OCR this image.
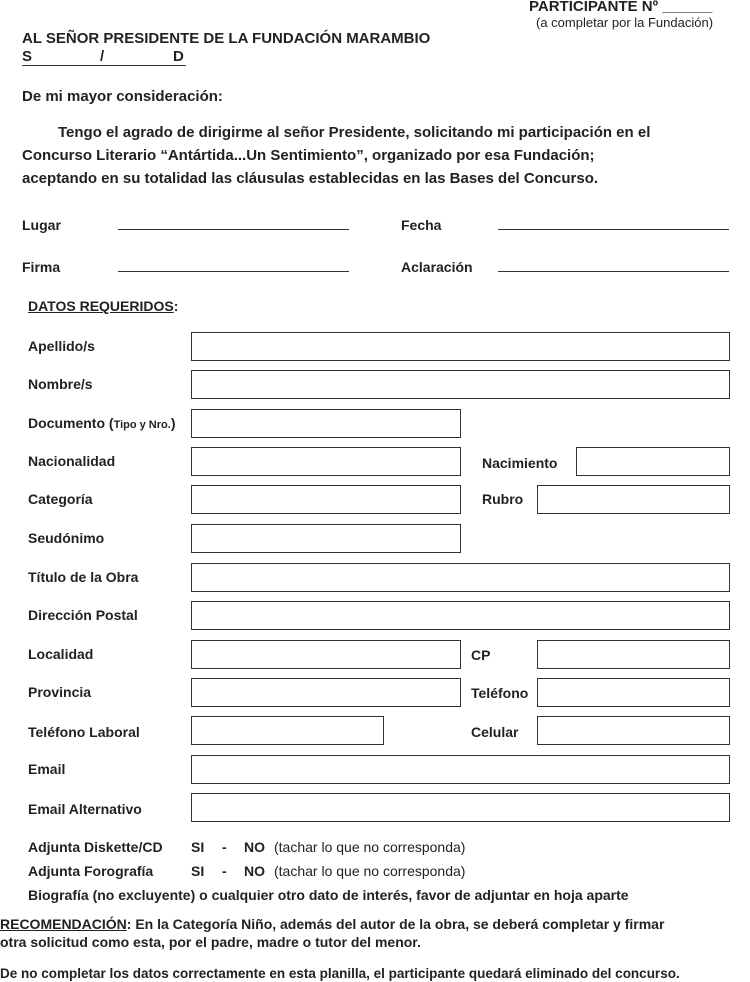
PARTICIPANTE Nº ______
(a completar por la Fundación)
AL SEÑOR PRESIDENTE DE LA FUNDACIÓN MARAMBIO
S	/	D
De mi mayor consideración:
Tengo el agrado de dirigirme al señor Presidente, solicitando mi participación en el
Concurso Literario “Antártida...Un Sentimiento”, organizado por esa Fundación;
aceptando en su totalidad las cláusulas establecidas en las Bases del Concurso.
Lugar	Fecha
Firma	Aclaración
DATOS REQUERIDOS:
Apellido/s
Nombre/s
Documento (Tipo y Nro.)
Nacionalidad	Nacimiento
Categoría	Rubro
Seudónimo
Título de la Obra
Dirección Postal
Localidad	CP
Provincia	Teléfono
Teléfono Laboral	Celular
Email
Email Alternativo
Adjunta Diskette/CD SI - NO (tachar lo que no corresponda)
Adjunta Forografía	SI - NO (tachar lo que no corresponda)
Biografía (no excluyente) o cualquier otro dato de interés, favor de adjuntar en hoja aparte
RECOMENDACIÓN: En la Categoría Niño, además del autor de la obra, se deberá completar y firmar
otra solicitud como esta, por el padre, madre o tutor del menor.
De no completar los datos correctamente en esta planilla, el participante quedará eliminado del concurso.
